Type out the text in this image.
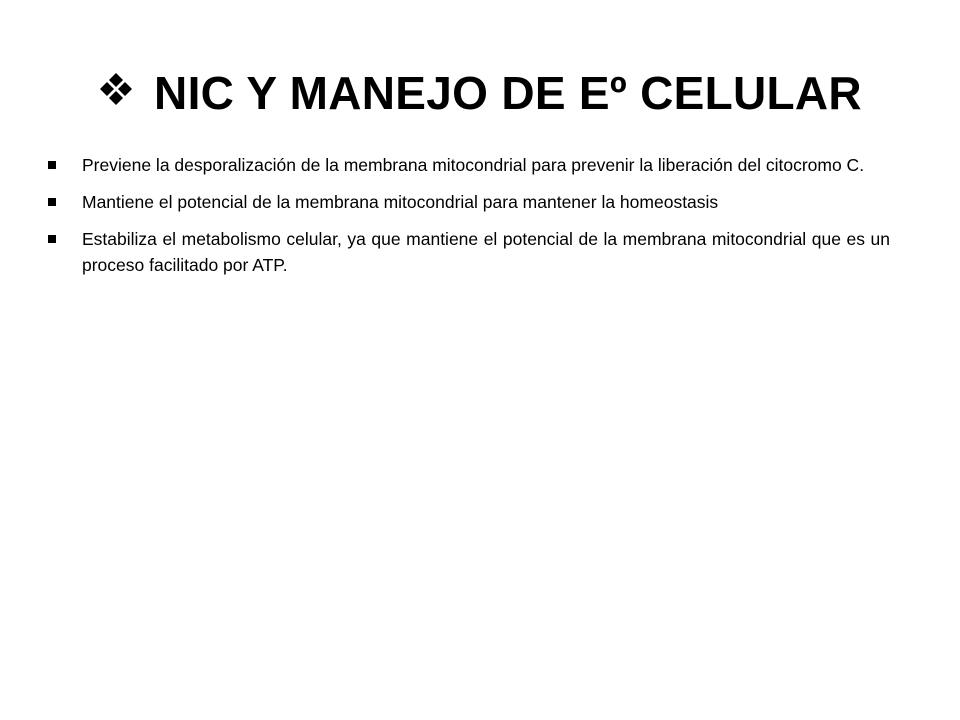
NIC Y MANEJO DE Eº CELULAR
Previene la desporalización de la membrana mitocondrial para prevenir la liberación del citocromo C.
Mantiene el potencial de la membrana mitocondrial para mantener la homeostasis
Estabiliza el metabolismo celular, ya que mantiene el potencial de la membrana mitocondrial que es un proceso facilitado por ATP.
